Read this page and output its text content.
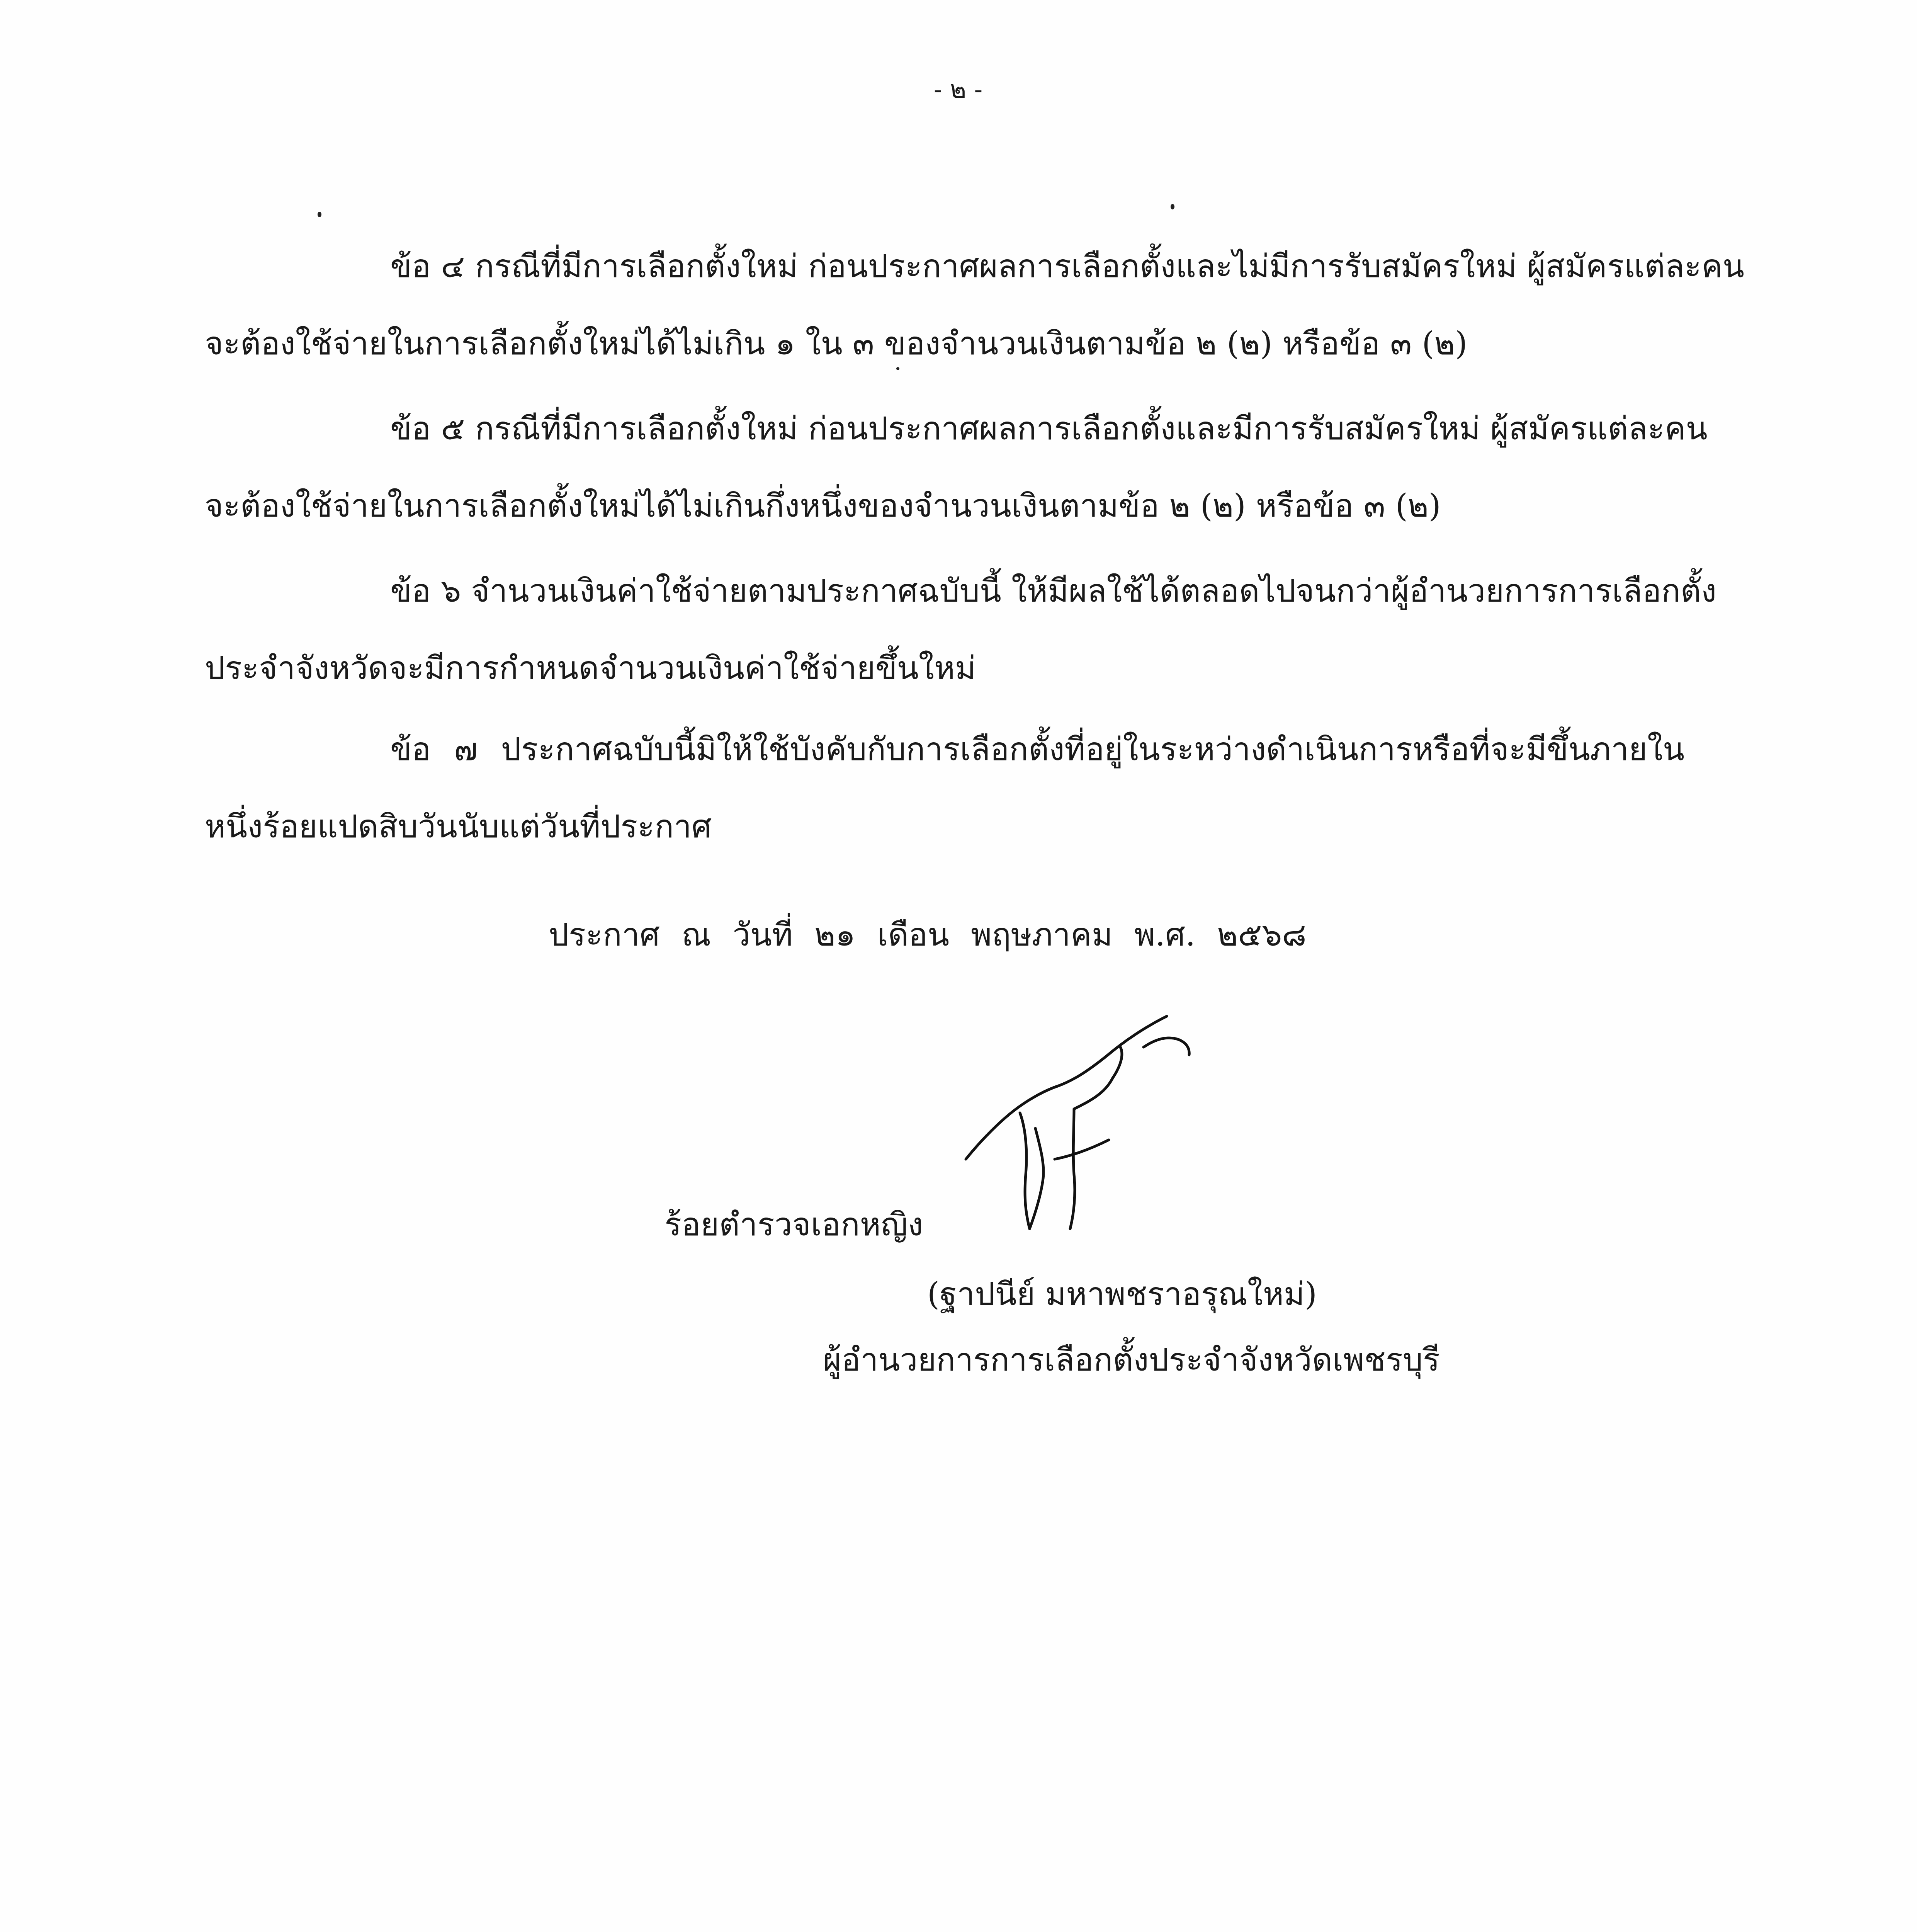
- ๒ -

ข้อ ๔ กรณีที่มีการเลือกตั้งใหม่ ก่อนประกาศผลการเลือกตั้งและไม่มีการรับสมัครใหม่ ผู้สมัครแต่ละคน
จะต้องใช้จ่ายในการเลือกตั้งใหม่ได้ไม่เกิน ๑ ใน ๓ ของจำนวนเงินตามข้อ ๒ (๒) หรือข้อ ๓ (๒)

ข้อ ๕ กรณีที่มีการเลือกตั้งใหม่ ก่อนประกาศผลการเลือกตั้งและมีการรับสมัครใหม่ ผู้สมัครแต่ละคน
จะต้องใช้จ่ายในการเลือกตั้งใหม่ได้ไม่เกินกึ่งหนึ่งของจำนวนเงินตามข้อ ๒ (๒) หรือข้อ ๓ (๒)

ข้อ ๖ จำนวนเงินค่าใช้จ่ายตามประกาศฉบับนี้ ให้มีผลใช้ได้ตลอดไปจนกว่าผู้อำนวยการการเลือกตั้ง
ประจำจังหวัดจะมีการกำหนดจำนวนเงินค่าใช้จ่ายขึ้นใหม่

ข้อ ๗ ประกาศฉบับนี้มิให้ใช้บังคับกับการเลือกตั้งที่อยู่ในระหว่างดำเนินการหรือที่จะมีขึ้นภายใน
หนึ่งร้อยแปดสิบวันนับแต่วันที่ประกาศ

ประกาศ ณ วันที่ ๒๑ เดือน พฤษภาคม พ.ศ. ๒๕๖๘
ร้อยตำรวจเอกหญิง
(ฐาปนีย์ มหาพชราอรุณใหม่)
ผู้อำนวยการการเลือกตั้งประจำจังหวัดเพชรบุรี
